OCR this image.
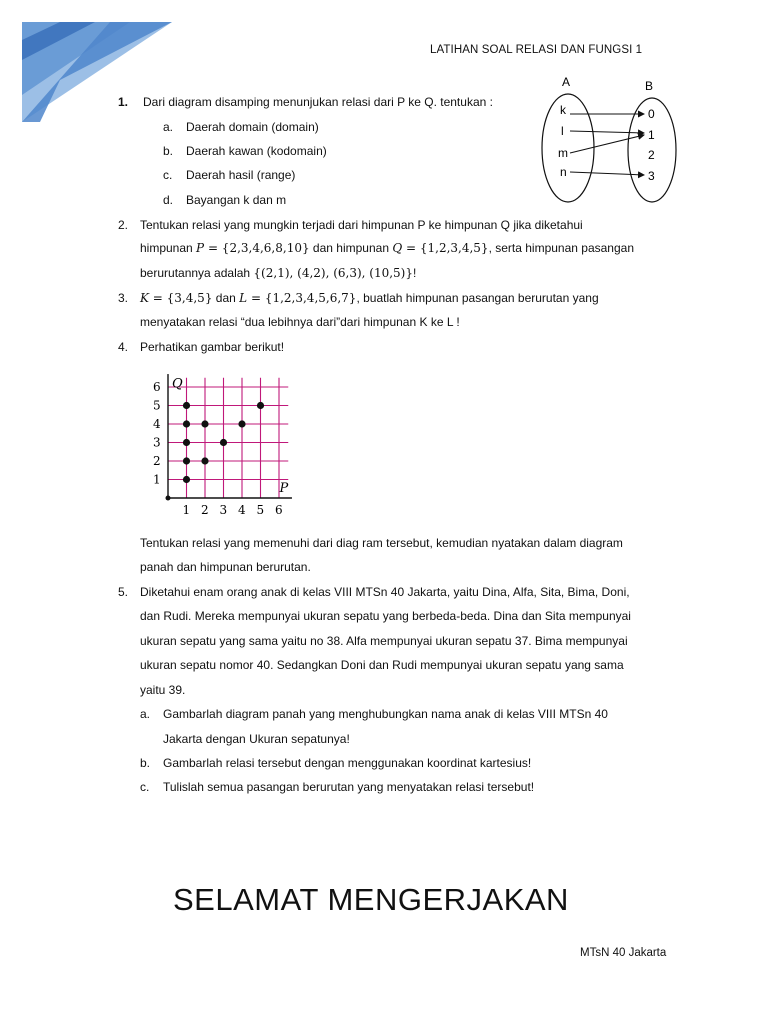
LATIHAN SOAL RELASI DAN FUNGSI 1
1. Dari diagram disamping menunjukan relasi dari P ke Q. tentukan :
a. Daerah domain (domain)
b. Daerah kawan (kodomain)
c. Daerah hasil (range)
d. Bayangan k dan m
A	B
k
l
m
n
0
1
2
3
2. Tentukan relasi yang mungkin terjadi dari himpunan P ke himpunan Q jika diketahui
himpunan P = {2,3,4,6,8,10} dan himpunan Q = {1,2,3,4,5}, serta himpunan pasangan
berurutannya adalah {(2,1), (4,2), (6,3), (10,5)}!
3. K = {3,4,5} dan L = {1,2,3,4,5,6,7}, buatlah himpunan pasangan berurutan yang
menyatakan relasi “dua lebihnya dari”dari himpunan K ke L !
4. Perhatikan gambar berikut!
P
Q
1 2 3 4 5 6
1
2
3
4
5
6
Tentukan relasi yang memenuhi dari diag ram tersebut, kemudian nyatakan dalam diagram
panah dan himpunan berurutan.
5. Diketahui enam orang anak di kelas VIII MTSn 40 Jakarta, yaitu Dina, Alfa, Sita, Bima, Doni,
dan Rudi. Mereka mempunyai ukuran sepatu yang berbeda-beda. Dina dan Sita mempunyai
ukuran sepatu yang sama yaitu no 38. Alfa mempunyai ukuran sepatu 37. Bima mempunyai
ukuran sepatu nomor 40. Sedangkan Doni dan Rudi mempunyai ukuran sepatu yang sama
yaitu 39.
a. Gambarlah diagram panah yang menghubungkan nama anak di kelas VIII MTSn 40
Jakarta dengan Ukuran sepatunya!
b. Gambarlah relasi tersebut dengan menggunakan koordinat kartesius!
c. Tulislah semua pasangan berurutan yang menyatakan relasi tersebut!
SELAMAT MENGERJAKAN
MTsN 40 Jakarta
